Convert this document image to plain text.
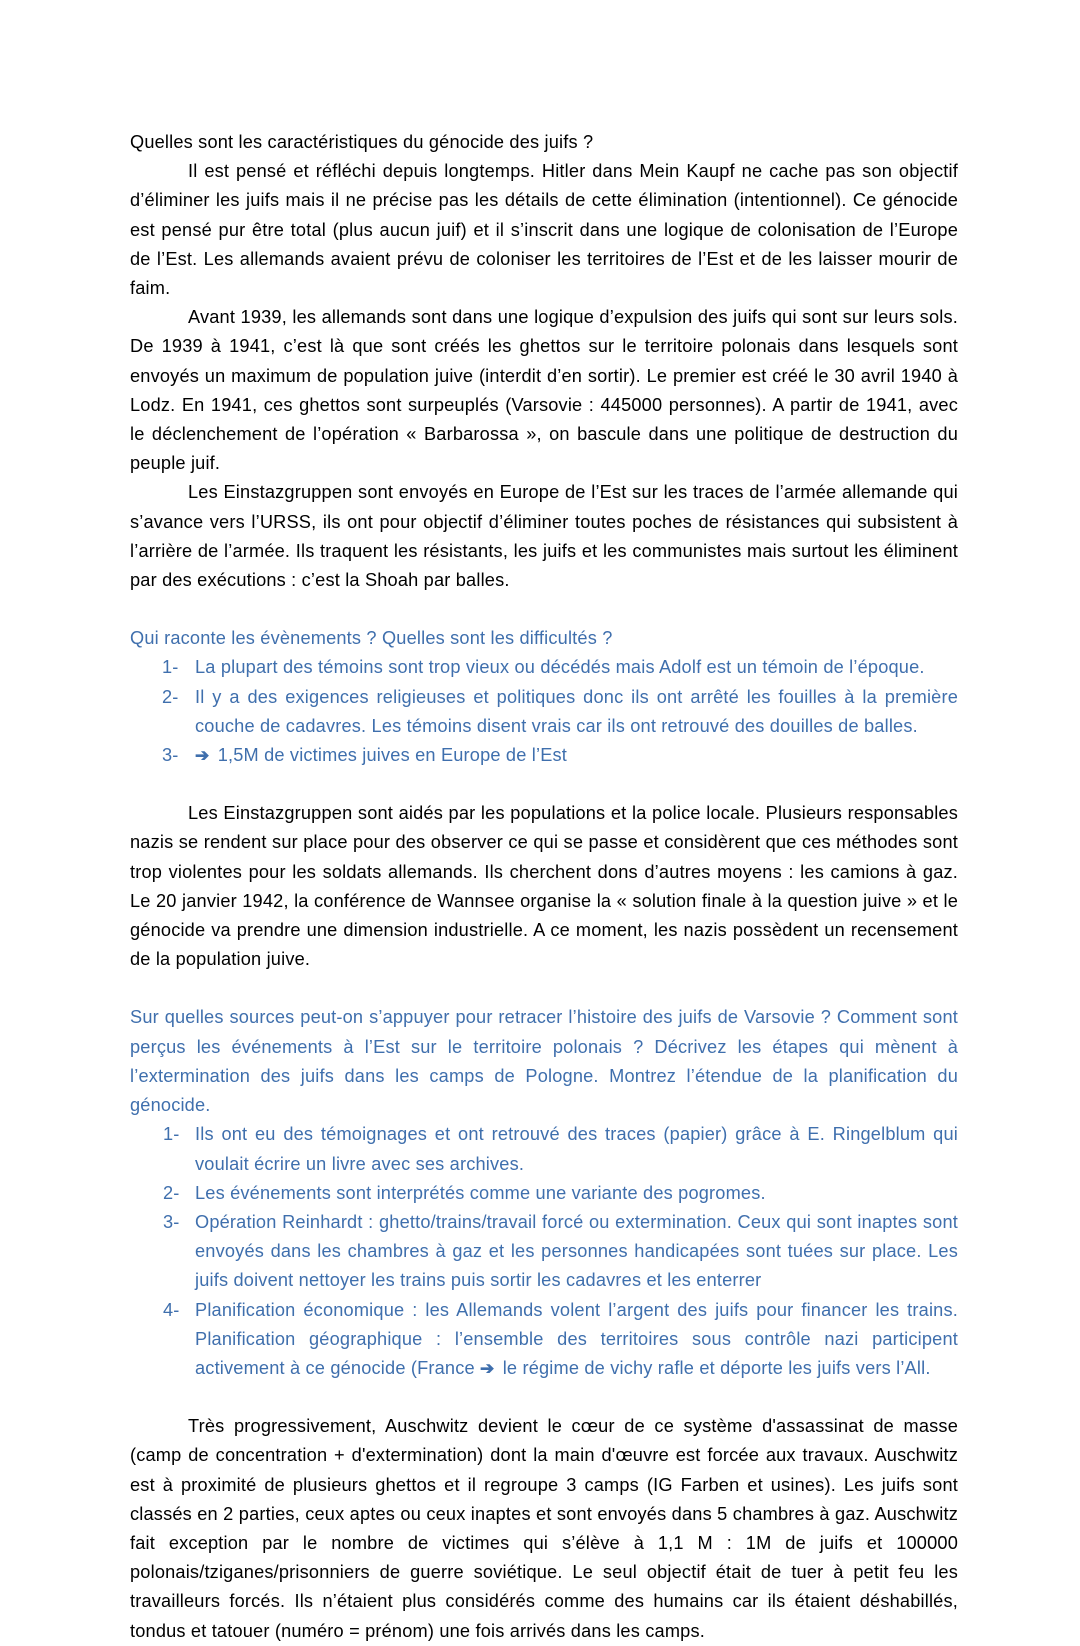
Quelles sont les caractéristiques du génocide des juifs ?

Il est pensé et réfléchi depuis longtemps. Hitler dans Mein Kaupf ne cache pas son objectif d’éliminer les juifs mais il ne précise pas les détails de cette élimination (intentionnel). Ce génocide est pensé pur être total (plus aucun juif) et il s’inscrit dans une logique de colonisation de l’Europe de l’Est. Les allemands avaient prévu de coloniser les territoires de l’Est et de les laisser mourir de faim.

Avant 1939, les allemands sont dans une logique d’expulsion des juifs qui sont sur leurs sols. De 1939 à 1941, c’est là que sont créés les ghettos sur le territoire polonais dans lesquels sont envoyés un maximum de population juive (interdit d’en sortir). Le premier est créé le 30 avril 1940 à Lodz. En 1941, ces ghettos sont surpeuplés (Varsovie : 445000 personnes). A partir de 1941, avec le déclenchement de l’opération « Barbarossa », on bascule dans une politique de destruction du peuple juif.

Les Einstazgruppen sont envoyés en Europe de l’Est sur les traces de l’armée allemande qui s’avance vers l’URSS, ils ont pour objectif d’éliminer toutes poches de résistances qui subsistent à l’arrière de l’armée. Ils traquent les résistants, les juifs et les communistes mais surtout les éliminent par des exécutions : c’est la Shoah par balles.

Qui raconte les évènements ? Quelles sont les difficultés ?

1- La plupart des témoins sont trop vieux ou décédés mais Adolf est un témoin de l’époque.
2- Il y a des exigences religieuses et politiques donc ils ont arrêté les fouilles à la première couche de cadavres. Les témoins disent vrais car ils ont retrouvé des douilles de balles.
3- ➔ 1,5M de victimes juives en Europe de l’Est

Les Einstazgruppen sont aidés par les populations et la police locale. Plusieurs responsables nazis se rendent sur place pour des observer ce qui se passe et considèrent que ces méthodes sont trop violentes pour les soldats allemands. Ils cherchent dons d’autres moyens : les camions à gaz. Le 20 janvier 1942, la conférence de Wannsee organise la « solution finale à la question juive » et le génocide va prendre une dimension industrielle. A ce moment, les nazis possèdent un recensement de la population juive.

Sur quelles sources peut-on s’appuyer pour retracer l’histoire des juifs de Varsovie ? Comment sont perçus les événements à l’Est sur le territoire polonais ? Décrivez les étapes qui mènent à l’extermination des juifs dans les camps de Pologne. Montrez l’étendue de la planification du génocide.

1- Ils ont eu des témoignages et ont retrouvé des traces (papier) grâce à E. Ringelblum qui voulait écrire un livre avec ses archives.
2- Les événements sont interprétés comme une variante des pogromes.
3- Opération Reinhardt : ghetto/trains/travail forcé ou extermination. Ceux qui sont inaptes sont envoyés dans les chambres à gaz et les personnes handicapées sont tuées sur place. Les juifs doivent nettoyer les trains puis sortir les cadavres et les enterrer
4- Planification économique : les Allemands volent l’argent des juifs pour financer les trains. Planification géographique : l’ensemble des territoires sous contrôle nazi participent activement à ce génocide (France ➔ le régime de vichy rafle et déporte les juifs vers l’All.

Très progressivement, Auschwitz devient le cœur de ce système d'assassinat de masse (camp de concentration + d'extermination) dont la main d'œuvre est forcée aux travaux. Auschwitz est à proximité de plusieurs ghettos et il regroupe 3 camps (IG Farben et usines). Les juifs sont classés en 2 parties, ceux aptes ou ceux inaptes et sont envoyés dans 5 chambres à gaz. Auschwitz fait exception par le nombre de victimes qui s’élève à 1,1 M : 1M de juifs et 100000 polonais/tziganes/prisonniers de guerre soviétique. Le seul objectif était de tuer à petit feu les travailleurs forcés. Ils n’étaient plus considérés comme des humains car ils étaient déshabillés, tondus et tatouer (numéro = prénom) une fois arrivés dans les camps.
